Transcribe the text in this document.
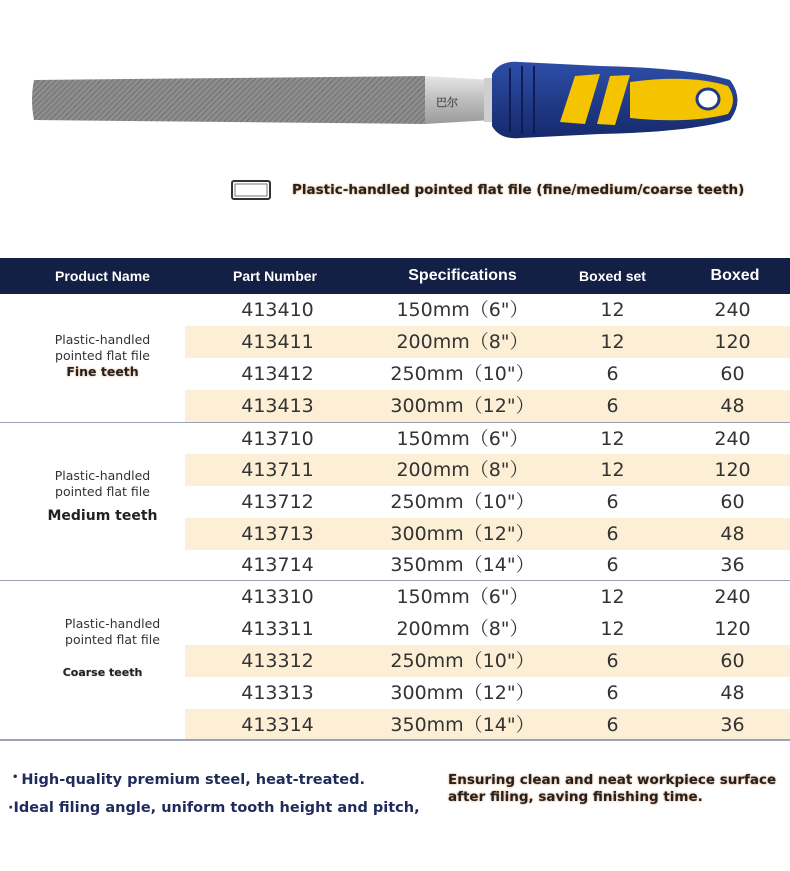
巴尔
Plastic-handled pointed flat file (fine/medium/coarse teeth)
Product Name	Part Number	Specifications	Boxed set	Boxed
Plastic-handled
pointed flat file
Fine teeth
413410	150mm（6"）	12	240
413411	200mm（8"）	12	120
413412	250mm（10"）	6	60
413413	300mm（12"）	6	48
Plastic-handled
pointed flat file
Medium teeth
413710	150mm（6"）	12	240
413711	200mm（8"）	12	120
413712	250mm（10"）	6	60
413713	300mm（12"）	6	48
413714	350mm（14"）	6	36
Plastic-handled
pointed flat file
Coarse teeth
413310	150mm（6"）	12	240
413311	200mm（8"）	12	120
413312	250mm（10"）	6	60
413313	300mm（12"）	6	48
413314	350mm（14"）	6	36
• High-quality premium steel, heat-treated.
·Ideal filing angle, uniform tooth height and pitch,
Ensuring clean and neat workpiece surface after filing, saving finishing time.
